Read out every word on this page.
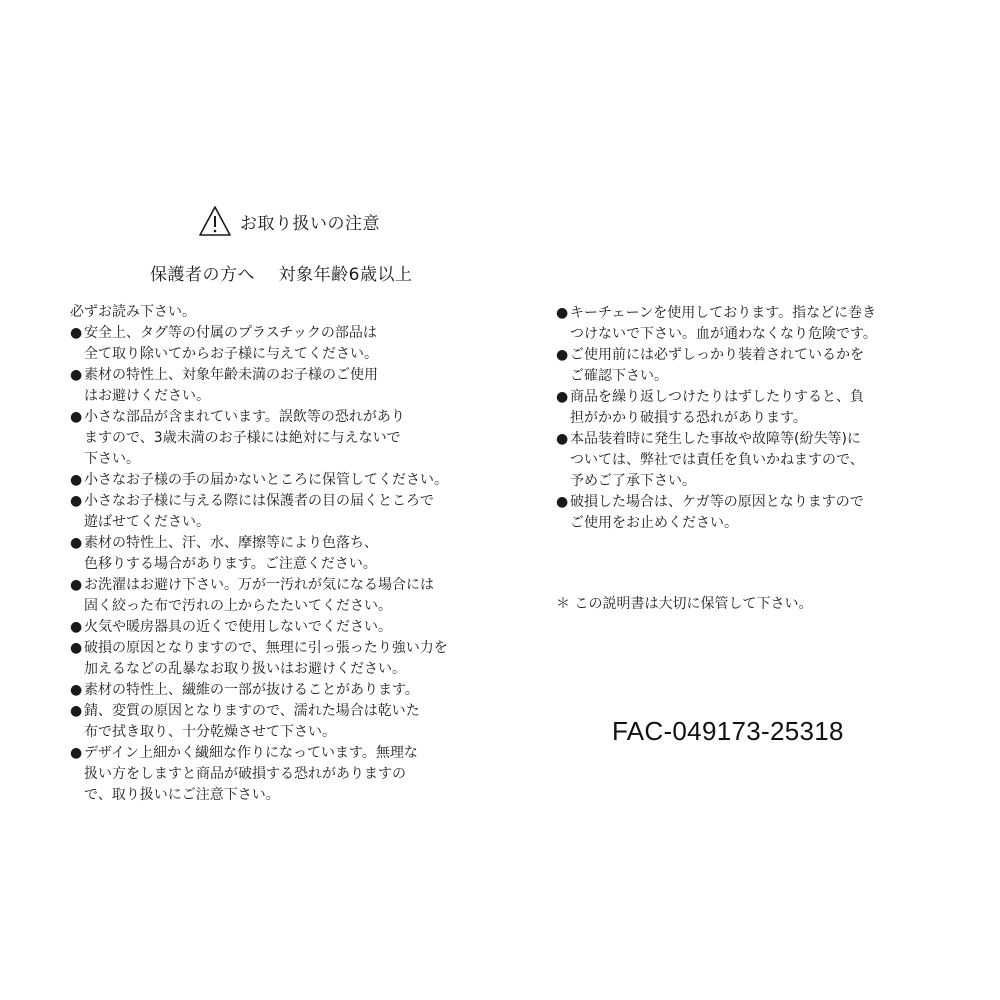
お取り扱いの注意
保護者の方へ 対象年齢6歳以上
必ずお読み下さい。
● 安全上、タグ等の付属のプラスチックの部品は
全て取り除いてからお子様に与えてください。
● 素材の特性上、対象年齢未満のお子様のご使用
はお避けください。
● 小さな部品が含まれています。誤飲等の恐れがあり
ますので、3歳未満のお子様には絶対に与えないで
下さい。
● 小さなお子様の手の届かないところに保管してください。
● 小さなお子様に与える際には保護者の目の届くところで
遊ばせてください。
● 素材の特性上、汗、水、摩擦等により色落ち、
色移りする場合があります。ご注意ください。
● お洗濯はお避け下さい。万が一汚れが気になる場合には
固く絞った布で汚れの上からたたいてください。
● 火気や暖房器具の近くで使用しないでください。
● 破損の原因となりますので、無理に引っ張ったり強い力を
加えるなどの乱暴なお取り扱いはお避けください。
● 素材の特性上、繊維の一部が抜けることがあります。
● 錆、変質の原因となりますので、濡れた場合は乾いた
布で拭き取り、十分乾燥させて下さい。
● デザイン上細かく繊細な作りになっています。無理な
扱い方をしますと商品が破損する恐れがありますの
で、取り扱いにご注意下さい。
● キーチェーンを使用しております。指などに巻き
つけないで下さい。血が通わなくなり危険です。
● ご使用前には必ずしっかり装着されているかを
ご確認下さい。
● 商品を繰り返しつけたりはずしたりすると、負
担がかかり破損する恐れがあります。
● 本品装着時に発生した事故や故障等(紛失等)に
ついては、弊社では責任を負いかねますので、
予めご了承下さい。
● 破損した場合は、ケガ等の原因となりますので
ご使用をお止めください。
＊ この説明書は大切に保管して下さい。
FAC-049173-25318
